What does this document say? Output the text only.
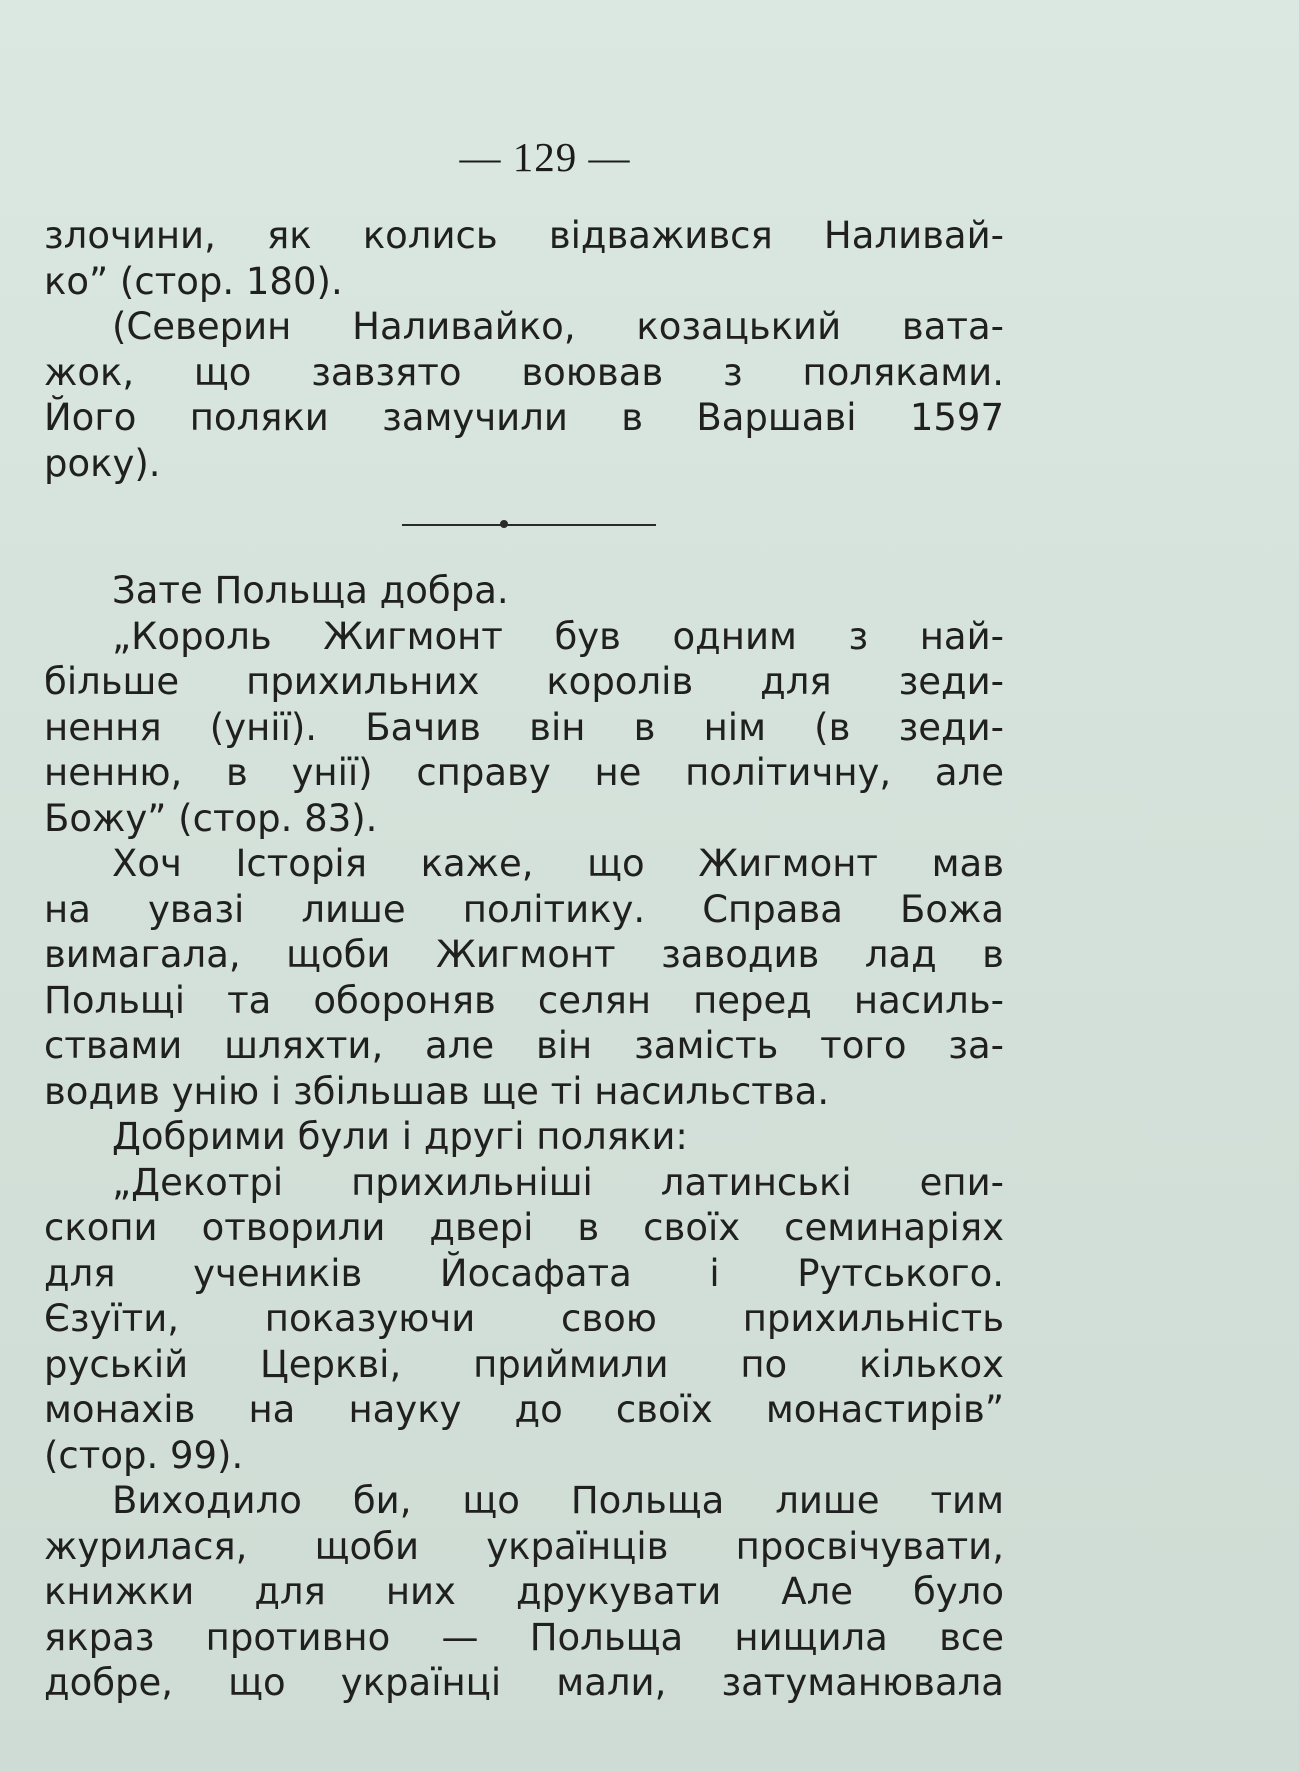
— 129 —
злочини, як колись відважився Наливай-
ко” (стор. 180).
(Северин Наливайко, козацький вата-
жок, що завзято воював з поляками.
Його поляки замучили в Варшаві 1597
року).
Зате Польща добра.
„Король Жигмонт був одним з най-
більше прихильних королів для зеди-
нення (унії). Бачив він в нім (в зеди-
ненню, в унії) справу не політичну, але
Божу” (стор. 83).
Хоч Історія каже, що Жигмонт мав
на увазі лише політику. Справа Божа
вимагала, щоби Жигмонт заводив лад в
Польщі та обороняв селян перед насиль-
ствами шляхти, але він замість того за-
водив унію і збільшав ще ті насильства.
Добрими були і другі поляки:
„Декотрі прихильніші латинські епи-
скопи отворили двері в своїх семинаріях
для учеників Йосафата і Рутського.
Єзуїти, показуючи свою прихильність
руській Церкві, приймили по кількох
монахів на науку до своїх монастирів”
(стор. 99).
Виходило би, що Польща лише тим
журилася, щоби українців просвічувати,
книжки для них друкувати Але було
якраз противно — Польща нищила все
добре, що українці мали, затуманювала
